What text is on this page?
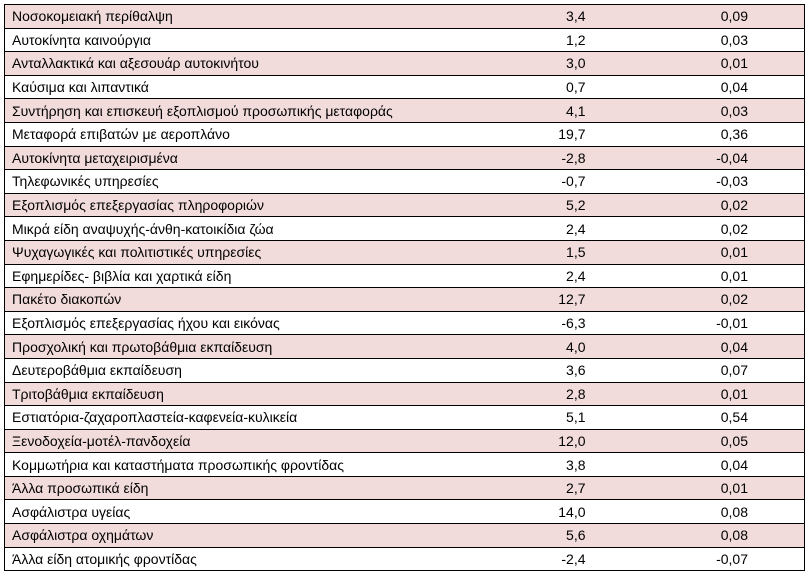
Νοσοκομειακή περίθαλψη	3,4	0,09
Αυτοκίνητα καινούργια	1,2	0,03
Ανταλλακτικά και αξεσουάρ αυτοκινήτου	3,0	0,01
Καύσιμα και λιπαντικά	0,7	0,04
Συντήρηση και επισκευή εξοπλισμού προσωπικής μεταφοράς	4,1	0,03
Μεταφορά επιβατών με αεροπλάνο	19,7	0,36
Αυτοκίνητα μεταχειρισμένα	-2,8	-0,04
Τηλεφωνικές υπηρεσίες	-0,7	-0,03
Εξοπλισμός επεξεργασίας πληροφοριών	5,2	0,02
Μικρά είδη αναψυχής-άνθη-κατοικίδια ζώα	2,4	0,02
Ψυχαγωγικές και πολιτιστικές υπηρεσίες	1,5	0,01
Εφημερίδες- βιβλία και χαρτικά είδη	2,4	0,01
Πακέτο διακοπών	12,7	0,02
Εξοπλισμός επεξεργασίας ήχου και εικόνας	-6,3	-0,01
Προσχολική και πρωτοβάθμια εκπαίδευση	4,0	0,04
Δευτεροβάθμια εκπαίδευση	3,6	0,07
Τριτοβάθμια εκπαίδευση	2,8	0,01
Εστιατόρια-ζαχαροπλαστεία-καφενεία-κυλικεία	5,1	0,54
Ξενοδοχεία-μοτέλ-πανδοχεία	12,0	0,05
Κομμωτήρια και καταστήματα προσωπικής φροντίδας	3,8	0,04
Άλλα προσωπικά είδη	2,7	0,01
Ασφάλιστρα υγείας	14,0	0,08
Ασφάλιστρα οχημάτων	5,6	0,08
Άλλα είδη ατομικής φροντίδας	-2,4	-0,07
